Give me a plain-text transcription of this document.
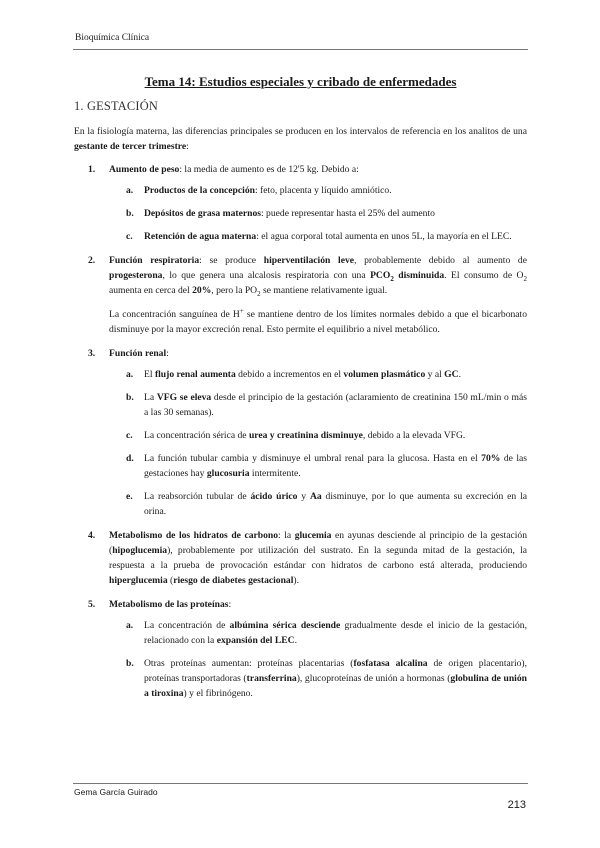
Bioquímica Clínica
Tema 14: Estudios especiales y cribado de enfermedades
1. GESTACIÓN

En la fisiología materna, las diferencias principales se producen en los intervalos de referencia en los analitos de una gestante de tercer trimestre:

1. Aumento de peso: la media de aumento es de 12'5 kg. Debido a:

a. Productos de la concepción: feto, placenta y líquido amniótico.

b. Depósitos de grasa maternos: puede representar hasta el 25% del aumento

c. Retención de agua materna: el agua corporal total aumenta en unos 5L, la mayoría en el LEC.

2. Función respiratoria: se produce hiperventilación leve, probablemente debido al aumento de progesterona, lo que genera una alcalosis respiratoria con una $PCO_2$ disminuida. El consumo de $O_2$ aumenta en cerca del 20%, pero la $PO_2$ se mantiene relativamente igual.

La concentración sanguínea de H+ se mantiene dentro de los límites normales debido a que el bicarbonato disminuye por la mayor excreción renal. Esto permite el equilibrio a nivel metabólico.

3. Función renal:

a. El flujo renal aumenta debido a incrementos en el volumen plasmático y al GC.

b. La VFG se eleva desde el principio de la gestación (aclaramiento de creatinina 150 mL/min o más a las 30 semanas).

c. La concentración sérica de urea y creatinina disminuye, debido a la elevada VFG.

d. La función tubular cambia y disminuye el umbral renal para la glucosa. Hasta en el 70% de las gestaciones hay glucosuria intermitente.

e. La reabsorción tubular de ácido úrico y Aa disminuye, por lo que aumenta su excreción en la orina.

4. Metabolismo de los hidratos de carbono: la glucemia en ayunas desciende al principio de la gestación (hipoglucemia), probablemente por utilización del sustrato. En la segunda mitad de la gestación, la respuesta a la prueba de provocación estándar con hidratos de carbono está alterada, produciendo hiperglucemia (riesgo de diabetes gestacional).

5. Metabolismo de las proteínas:

a. La concentración de albúmina sérica desciende gradualmente desde el inicio de la gestación, relacionado con la expansión del LEC.

b. Otras proteínas aumentan: proteínas placentarias (fosfatasa alcalina de origen placentario), proteínas transportadoras (transferrina), glucoproteínas de unión a hormonas (globulina de unión a tiroxina) y el fibrinógeno.

Gema García Guirado
213
